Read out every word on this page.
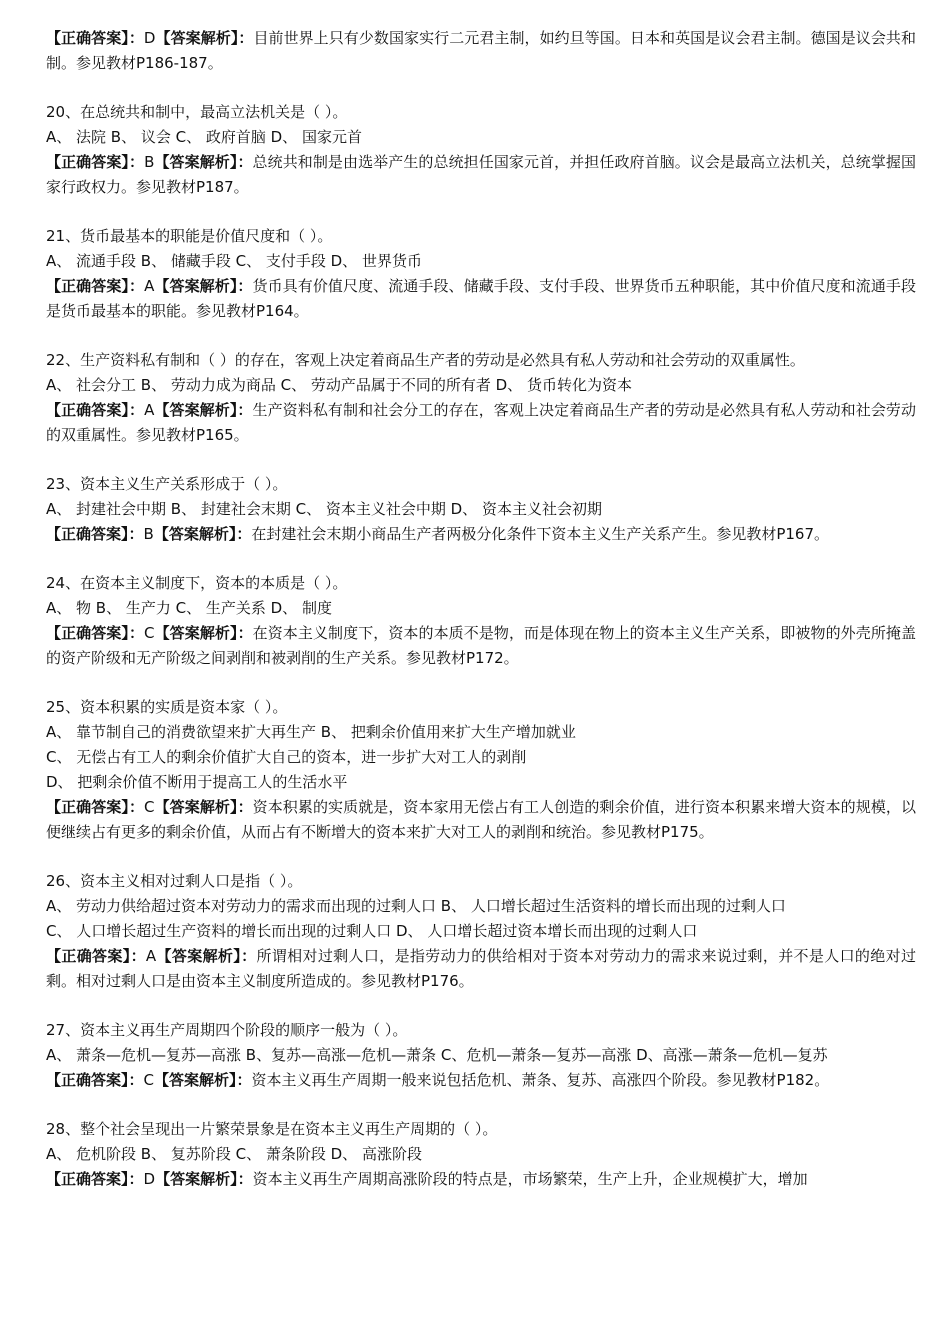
【正确答案】：D【答案解析】：目前世界上只有少数国家实行二元君主制，如约旦等国。日本和英国是议会君主制。德国是议会共和制。参见教材P186-187。

20、在总统共和制中，最高立法机关是（ ）。

A、 法院 B、 议会 C、 政府首脑 D、 国家元首

【正确答案】：B【答案解析】：总统共和制是由选举产生的总统担任国家元首，并担任政府首脑。议会是最高立法机关，总统掌握国家行政权力。参见教材P187。

21、货币最基本的职能是价值尺度和（ ）。

A、 流通手段 B、 储藏手段 C、 支付手段 D、 世界货币

【正确答案】：A【答案解析】：货币具有价值尺度、流通手段、储藏手段、支付手段、世界货币五种职能，其中价值尺度和流通手段是货币最基本的职能。参见教材P164。

22、生产资料私有制和（ ）的存在，客观上决定着商品生产者的劳动是必然具有私人劳动和社会劳动的双重属性。

A、 社会分工 B、 劳动力成为商品 C、 劳动产品属于不同的所有者 D、 货币转化为资本

【正确答案】：A【答案解析】：生产资料私有制和社会分工的存在，客观上决定着商品生产者的劳动是必然具有私人劳动和社会劳动的双重属性。参见教材P165。

23、资本主义生产关系形成于（ ）。

A、 封建社会中期 B、 封建社会末期 C、 资本主义社会中期 D、 资本主义社会初期

【正确答案】：B【答案解析】：在封建社会末期小商品生产者两极分化条件下资本主义生产关系产生。参见教材P167。

24、在资本主义制度下，资本的本质是（ ）。

A、 物 B、 生产力 C、 生产关系 D、 制度

【正确答案】：C【答案解析】：在资本主义制度下，资本的本质不是物，而是体现在物上的资本主义生产关系，即被物的外壳所掩盖的资产阶级和无产阶级之间剥削和被剥削的生产关系。参见教材P172。

25、资本积累的实质是资本家（ ）。

A、 靠节制自己的消费欲望来扩大再生产 B、 把剩余价值用来扩大生产增加就业

C、 无偿占有工人的剩余价值扩大自己的资本，进一步扩大对工人的剥削

D、 把剩余价值不断用于提高工人的生活水平

【正确答案】：C【答案解析】：资本积累的实质就是，资本家用无偿占有工人创造的剩余价值，进行资本积累来增大资本的规模，以便继续占有更多的剩余价值，从而占有不断增大的资本来扩大对工人的剥削和统治。参见教材P175。

26、资本主义相对过剩人口是指（ ）。

A、 劳动力供给超过资本对劳动力的需求而出现的过剩人口 B、 人口增长超过生活资料的增长而出现的过剩人口

C、 人口增长超过生产资料的增长而出现的过剩人口 D、 人口增长超过资本增长而出现的过剩人口

【正确答案】：A【答案解析】：所谓相对过剩人口，是指劳动力的供给相对于资本对劳动力的需求来说过剩，并不是人口的绝对过剩。相对过剩人口是由资本主义制度所造成的。参见教材P176。

27、资本主义再生产周期四个阶段的顺序一般为（ ）。

A、 萧条—危机—复苏—高涨 B、复苏—高涨—危机—萧条 C、危机—萧条—复苏—高涨 D、高涨—萧条—危机—复苏

【正确答案】：C【答案解析】：资本主义再生产周期一般来说包括危机、萧条、复苏、高涨四个阶段。参见教材P182。

28、整个社会呈现出一片繁荣景象是在资本主义再生产周期的（ ）。

A、 危机阶段 B、 复苏阶段 C、 萧条阶段 D、 高涨阶段

【正确答案】：D【答案解析】：资本主义再生产周期高涨阶段的特点是，市场繁荣，生产上升，企业规模扩大，增加
